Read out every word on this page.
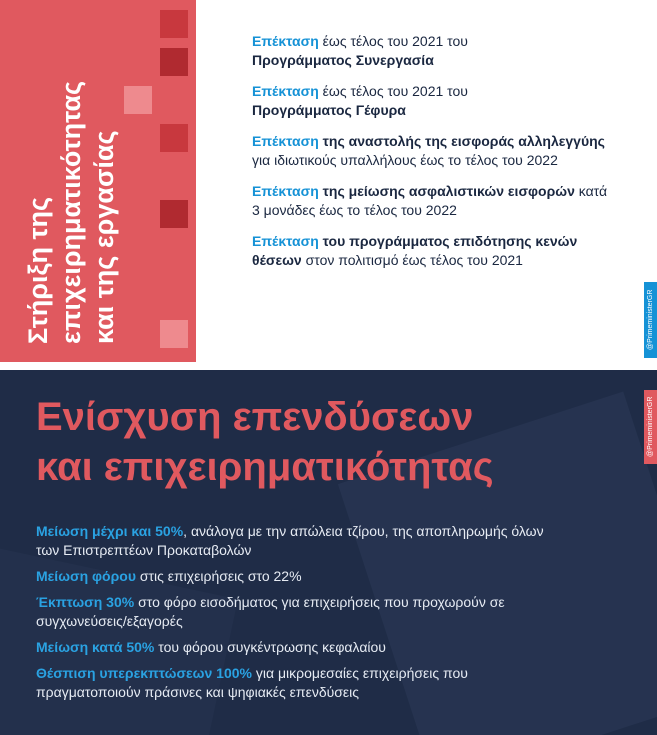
Στήριξη της επιχειρηματικότητας και της εργασίας
Επέκταση έως τέλος του 2021 του
Προγράμματος Συνεργασία
Επέκταση έως τέλος του 2021 του
Προγράμματος Γέφυρα
Επέκταση της αναστολής της εισφοράς αλληλεγγύης για ιδιωτικούς υπαλλήλους έως το τέλος του 2022
Επέκταση της μείωσης ασφαλιστικών εισφορών κατά 3 μονάδες έως το τέλος του 2022
Επέκταση του προγράμματος επιδότησης κενών θέσεων στον πολιτισμό έως τέλος του 2021
@PrimeministerGR
Ενίσχυση επενδύσεων
και επιχειρηματικότητας
Μείωση μέχρι και 50%, ανάλογα με την απώλεια τζίρου, της αποπληρωμής όλων των Επιστρεπτέων Προκαταβολών
Μείωση φόρου στις επιχειρήσεις στο 22%
Έκπτωση 30% στο φόρο εισοδήματος για επιχειρήσεις που προχωρούν σε συγχωνεύσεις/εξαγορές
Μείωση κατά 50% του φόρου συγκέντρωσης κεφαλαίου
Θέσπιση υπερεκπτώσεων 100% για μικρομεσαίες επιχειρήσεις που πραγματοποιούν πράσινες και ψηφιακές επενδύσεις
@PrimeministerGR
